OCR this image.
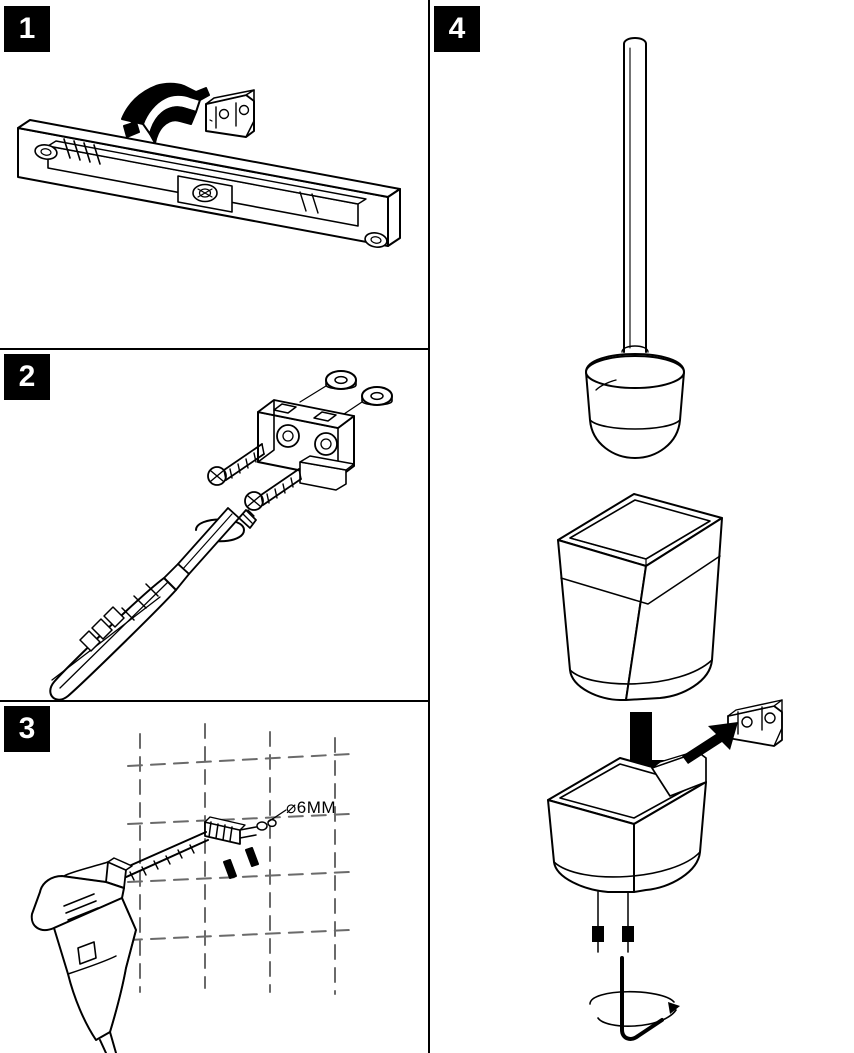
1
2
3
⌀6MM
4
